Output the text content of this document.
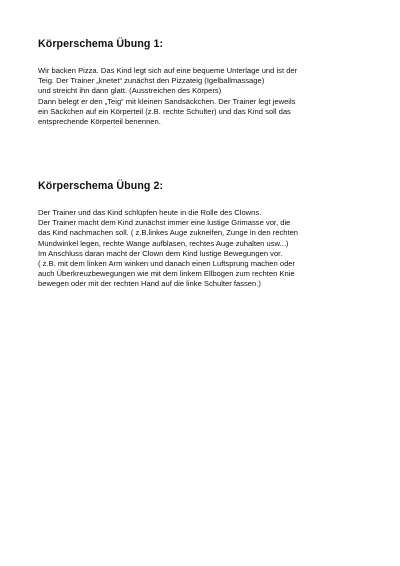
Körperschema Übung 1:
Wir backen Pizza. Das Kind legt sich auf eine bequeme Unterlage und ist der
Teig. Der Trainer „knetet“ zunächst den Pizzateig (Igelballmassage)
und streicht ihn dann glatt. (Ausstreichen des Körpers)
Dann belegt er den „Teig“ mit kleinen Sandsäckchen. Der Trainer legt jeweils
ein Säckchen auf ein Körperteil (z.B. rechte Schulter) und das Kind soll das
entsprechende Körperteil benennen.
Körperschema Übung 2:
Der Trainer und das Kind schlüpfen heute in die Rolle des Clowns.
Der Trainer macht dem Kind zunächst immer eine lustige Grimasse vor, die
das Kind nachmachen soll. ( z.B.linkes Auge zukneifen, Zunge in den rechten
Mundwinkel legen, rechte Wange aufblasen, rechtes Auge zuhalten usw...)
Im Anschluss daran macht der Clown dem Kind lustige Bewegungen vor.
( z.B. mit dem linken Arm winken und danach einen Luftsprung machen oder
auch Überkreuzbewegungen wie mit dem linkem Ellbogen zum rechten Knie
bewegen oder mit der rechten Hand auf die linke Schulter fassen.)
